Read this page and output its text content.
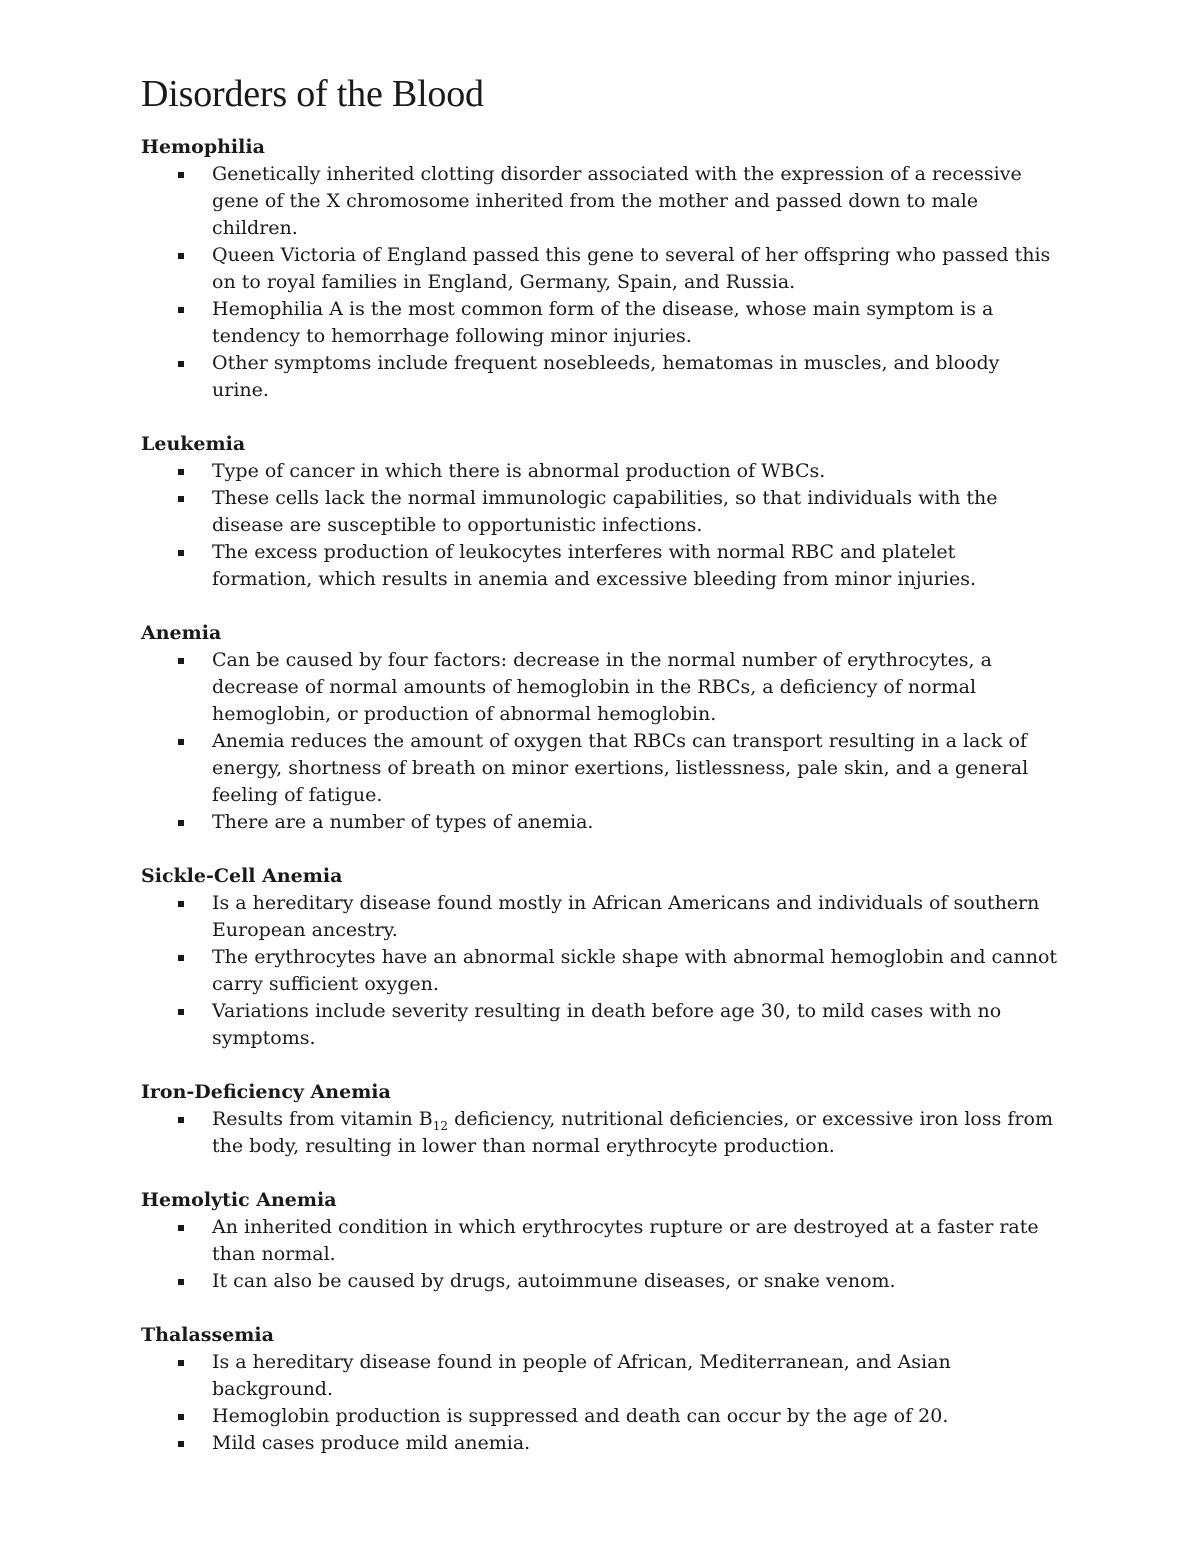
Disorders of the Blood
Hemophilia
Genetically inherited clotting disorder associated with the expression of a recessive gene of the X chromosome inherited from the mother and passed down to male children.
Queen Victoria of England passed this gene to several of her offspring who passed this on to royal families in England, Germany, Spain, and Russia.
Hemophilia A is the most common form of the disease, whose main symptom is a tendency to hemorrhage following minor injuries.
Other symptoms include frequent nosebleeds, hematomas in muscles, and bloody urine.
Leukemia
Type of cancer in which there is abnormal production of WBCs.
These cells lack the normal immunologic capabilities, so that individuals with the disease are susceptible to opportunistic infections.
The excess production of leukocytes interferes with normal RBC and platelet formation, which results in anemia and excessive bleeding from minor injuries.
Anemia
Can be caused by four factors: decrease in the normal number of erythrocytes, a decrease of normal amounts of hemoglobin in the RBCs, a deficiency of normal hemoglobin, or production of abnormal hemoglobin.
Anemia reduces the amount of oxygen that RBCs can transport resulting in a lack of energy, shortness of breath on minor exertions, listlessness, pale skin, and a general feeling of fatigue.
There are a number of types of anemia.
Sickle-Cell Anemia
Is a hereditary disease found mostly in African Americans and individuals of southern European ancestry.
The erythrocytes have an abnormal sickle shape with abnormal hemoglobin and cannot carry sufficient oxygen.
Variations include severity resulting in death before age 30, to mild cases with no symptoms.
Iron-Deficiency Anemia
Results from vitamin $B_{12}$ deficiency, nutritional deficiencies, or excessive iron loss from the body, resulting in lower than normal erythrocyte production.
Hemolytic Anemia
An inherited condition in which erythrocytes rupture or are destroyed at a faster rate than normal.
It can also be caused by drugs, autoimmune diseases, or snake venom.
Thalassemia
Is a hereditary disease found in people of African, Mediterranean, and Asian background.
Hemoglobin production is suppressed and death can occur by the age of 20.
Mild cases produce mild anemia.
